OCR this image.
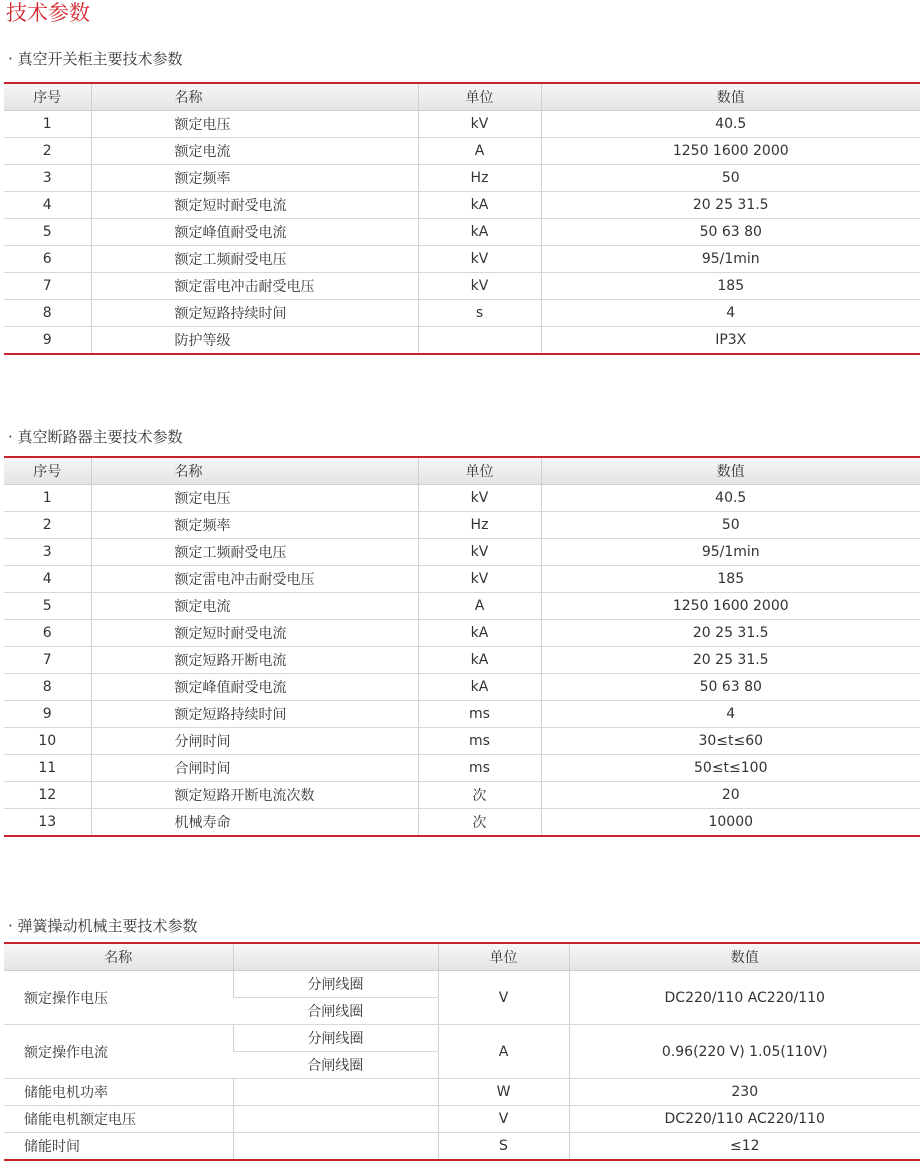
技术参数
· 真空开关柜主要技术参数
序号	名称	单位	数值
1	额定电压	kV	40.5
2	额定电流	A	1250 1600 2000
3	额定频率	Hz	50
4	额定短时耐受电流	kA	20 25 31.5
5	额定峰值耐受电流	kA	50 63 80
6	额定工频耐受电压	kV	95/1min
7	额定雷电冲击耐受电压	kV	185
8	额定短路持续时间	s	4
9	防护等级		IP3X
· 真空断路器主要技术参数
序号	名称	单位	数值
1	额定电压	kV	40.5
2	额定频率	Hz	50
3	额定工频耐受电压	kV	95/1min
4	额定雷电冲击耐受电压	kV	185
5	额定电流	A	1250 1600 2000
6	额定短时耐受电流	kA	20 25 31.5
7	额定短路开断电流	kA	20 25 31.5
8	额定峰值耐受电流	kA	50 63 80
9	额定短路持续时间	ms	4
10	分闸时间	ms	30≤t≤60
11	合闸时间	ms	50≤t≤100
12	额定短路开断电流次数	次	20
13	机械寿命	次	10000
· 弹簧操动机械主要技术参数
名称		单位	数值
额定操作电压	分闸线圈	V	DC220/110 AC220/110
	合闸线圈		
额定操作电流	分闸线圈	A	0.96(220 V) 1.05(110V)
	合闸线圈		
储能电机功率		W	230
储能电机额定电压		V	DC220/110 AC220/110
储能时间		S	≤12
